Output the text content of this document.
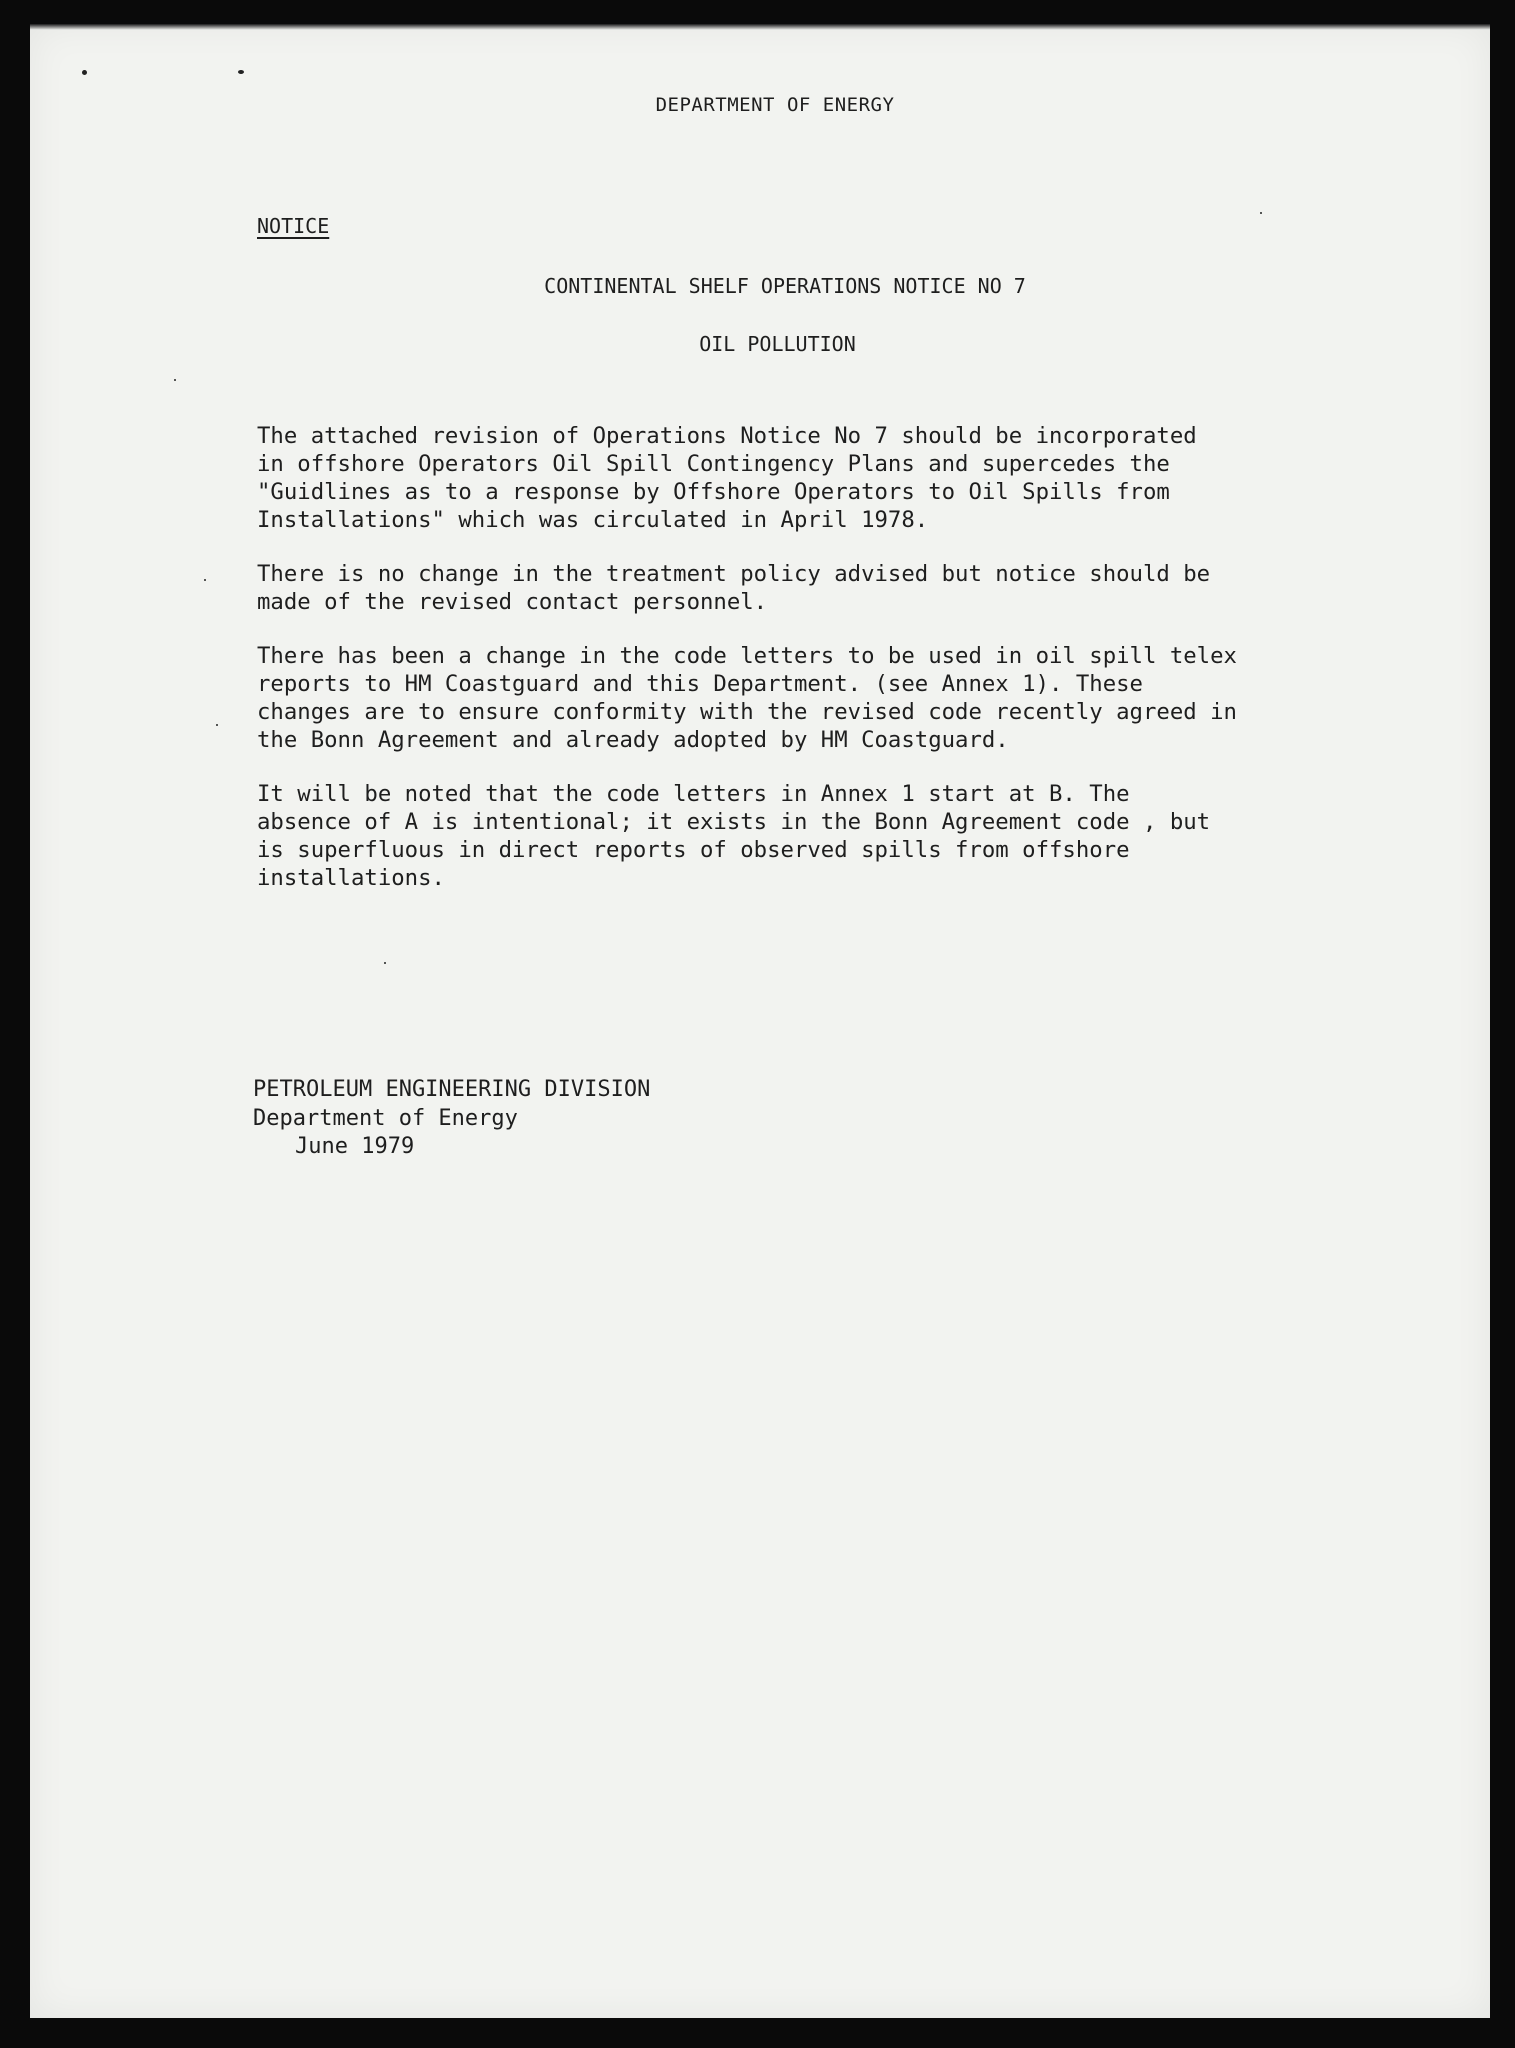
DEPARTMENT OF ENERGY
NOTICE
CONTINENTAL SHELF OPERATIONS NOTICE NO 7
OIL POLLUTION

The attached revision of Operations Notice No 7 should be incorporated
in offshore Operators Oil Spill Contingency Plans and supercedes the
"Guidlines as to a response by Offshore Operators to Oil Spills from
Installations" which was circulated in April 1978.

There is no change in the treatment policy advised but notice should be
made of the revised contact personnel.

There has been a change in the code letters to be used in oil spill telex
reports to HM Coastguard and this Department. (see Annex 1). These
changes are to ensure conformity with the revised code recently agreed in
the Bonn Agreement and already adopted by HM Coastguard.

It will be noted that the code letters in Annex 1 start at B. The
absence of A is intentional; it exists in the Bonn Agreement code , but
is superfluous in direct reports of observed spills from offshore
installations.

PETROLEUM ENGINEERING DIVISION
Department of Energy
June 1979
